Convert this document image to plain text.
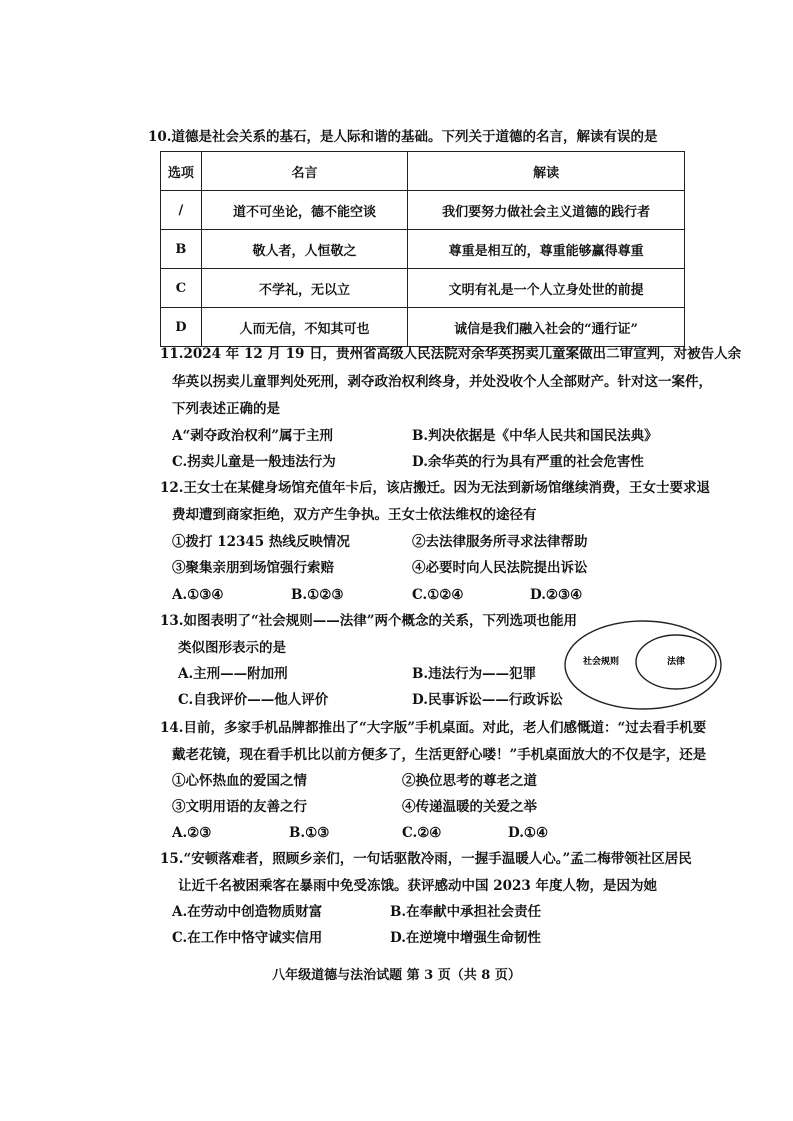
10.道德是社会关系的基石，是人际和谐的基础。下列关于道德的名言，解读有误的是
选项	名言	解读
/	道不可坐论，德不能空谈	我们要努力做社会主义道德的践行者
B	敬人者，人恒敬之	尊重是相互的，尊重能够赢得尊重
C	不学礼，无以立	文明有礼是一个人立身处世的前提
D	人而无信，不知其可也	诚信是我们融入社会的“通行证”
11.2024 年 12 月 19 日，贵州省高级人民法院对余华英拐卖儿童案做出二审宣判，对被告人余
华英以拐卖儿童罪判处死刑，剥夺政治权利终身，并处没收个人全部财产。针对这一案件，
下列表述正确的是
A“剥夺政治权利”属于主刑	B.判决依据是《中华人民共和国民法典》
C.拐卖儿童是一般违法行为	D.余华英的行为具有严重的社会危害性
12.王女士在某健身场馆充值年卡后，该店搬迁。因为无法到新场馆继续消费，王女士要求退
费却遭到商家拒绝，双方产生争执。王女士依法维权的途径有
①拨打 12345 热线反映情况	②去法律服务所寻求法律帮助
③聚集亲朋到场馆强行索赔	④必要时向人民法院提出诉讼
A.①③④	B.①②③	C.①②④	D.②③④
13.如图表明了“社会规则——法律”两个概念的关系，下列选项也能用
类似图形表示的是
A.主刑——附加刑	B.违法行为——犯罪
C.自我评价——他人评价	D.民事诉讼——行政诉讼
社会规则	法律
14.目前，多家手机品牌都推出了“大字版”手机桌面。对此，老人们感慨道：“过去看手机要
戴老花镜，现在看手机比以前方便多了，生活更舒心喽！”手机桌面放大的不仅是字，还是
①心怀热血的爱国之情	②换位思考的尊老之道
③文明用语的友善之行	④传递温暖的关爱之举
A.②③	B.①③	C.②④	D.①④
15.“安顿落难者，照顾乡亲们，一句话驱散冷雨，一握手温暖人心。”孟二梅带领社区居民
让近千名被困乘客在暴雨中免受冻饿。获评感动中国 2023 年度人物，是因为她
A.在劳动中创造物质财富	B.在奉献中承担社会责任
C.在工作中恪守诚实信用	D.在逆境中增强生命韧性
八年级道德与法治试题 第 3 页（共 8 页）
